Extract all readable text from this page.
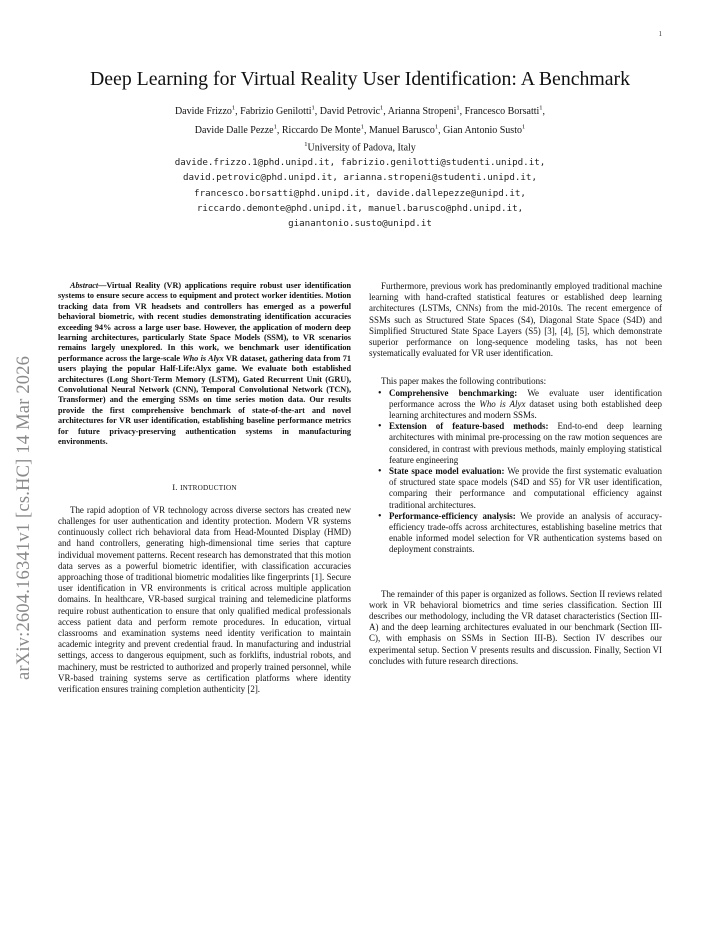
1
arXiv:2604.16341v1 [cs.HC] 14 Mar 2026
Deep Learning for Virtual Reality User Identification: A Benchmark
Davide Frizzo$^1$, Fabrizio Genilotti$^1$, David Petrovic$^1$, Arianna Stropeni$^1$, Francesco Borsatti$^1$,
Davide Dalle Pezze$^1$, Riccardo De Monte$^1$, Manuel Barusco$^1$, Gian Antonio Susto$^1$
$^1$University of Padova, Italy
davide.frizzo.1@phd.unipd.it, fabrizio.genilotti@studenti.unipd.it,
david.petrovic@phd.unipd.it, arianna.stropeni@studenti.unipd.it,
francesco.borsatti@phd.unipd.it, davide.dallepezze@unipd.it,
riccardo.demonte@phd.unipd.it, manuel.barusco@phd.unipd.it,
gianantonio.susto@unipd.it

Abstract—Virtual Reality (VR) applications require robust user identification systems to ensure secure access to equipment and protect worker identities. Motion tracking data from VR headsets and controllers has emerged as a powerful behavioral biometric, with recent studies demonstrating identification accuracies exceeding 94% across a large user base. However, the application of modern deep learning architectures, particularly State Space Models (SSM), to VR scenarios remains largely unexplored. In this work, we benchmark user identification performance across the large-scale Who is Alyx VR dataset, gathering data from 71 users playing the popular Half-Life:Alyx game. We evaluate both established architectures (Long Short-Term Memory (LSTM), Gated Recurrent Unit (GRU), Convolutional Neural Network (CNN), Temporal Convolutional Network (TCN), Transformer) and the emerging SSMs on time series motion data. Our results provide the first comprehensive benchmark of state-of-the-art and novel architectures for VR user identification, establishing baseline performance metrics for future privacy-preserving authentication systems in manufacturing environments.

I. INTRODUCTION

The rapid adoption of VR technology across diverse sectors has created new challenges for user authentication and identity protection. Modern VR systems continuously collect rich behavioral data from Head-Mounted Display (HMD) and hand controllers, generating high-dimensional time series that capture individual movement patterns. Recent research has demonstrated that this motion data serves as a powerful biometric identifier, with classification accuracies approaching those of traditional biometric modalities like fingerprints [1]. Secure user identification in VR environments is critical across multiple application domains. In healthcare, VR-based surgical training and telemedicine platforms require robust authentication to ensure that only qualified medical professionals access patient data and perform remote procedures. In education, virtual classrooms and examination systems need identity verification to maintain academic integrity and prevent credential fraud. In manufacturing and industrial settings, access to dangerous equipment, such as forklifts, industrial robots, and machinery, must be restricted to authorized and properly trained personnel, while VR-based training systems serve as certification platforms where identity verification ensures training completion authenticity [2].

Furthermore, previous work has predominantly employed traditional machine learning with hand-crafted statistical features or established deep learning architectures (LSTMs, CNNs) from the mid-2010s. The recent emergence of SSMs such as Structured State Spaces (S4), Diagonal State Space (S4D) and Simplified Structured State Space Layers (S5) [3], [4], [5], which demonstrate superior performance on long-sequence modeling tasks, has not been systematically evaluated for VR user identification.

This paper makes the following contributions:

• Comprehensive benchmarking: We evaluate user identification performance across the Who is Alyx dataset using both established deep learning architectures and modern SSMs.
• Extension of feature-based methods: End-to-end deep learning architectures with minimal pre-processing on the raw motion sequences are considered, in contrast with previous methods, mainly employing statistical feature engineering
• State space model evaluation: We provide the first systematic evaluation of structured state space models (S4D and S5) for VR user identification, comparing their performance and computational efficiency against traditional architectures.
• Performance-efficiency analysis: We provide an analysis of accuracy-efficiency trade-offs across architectures, establishing baseline metrics that enable informed model selection for VR authentication systems based on deployment constraints.

The remainder of this paper is organized as follows. Section II reviews related work in VR behavioral biometrics and time series classification. Section III describes our methodology, including the VR dataset characteristics (Section III-A) and the deep learning architectures evaluated in our benchmark (Section III-C), with emphasis on SSMs in Section III-B). Section IV describes our experimental setup. Section V presents results and discussion. Finally, Section VI concludes with future research directions.
